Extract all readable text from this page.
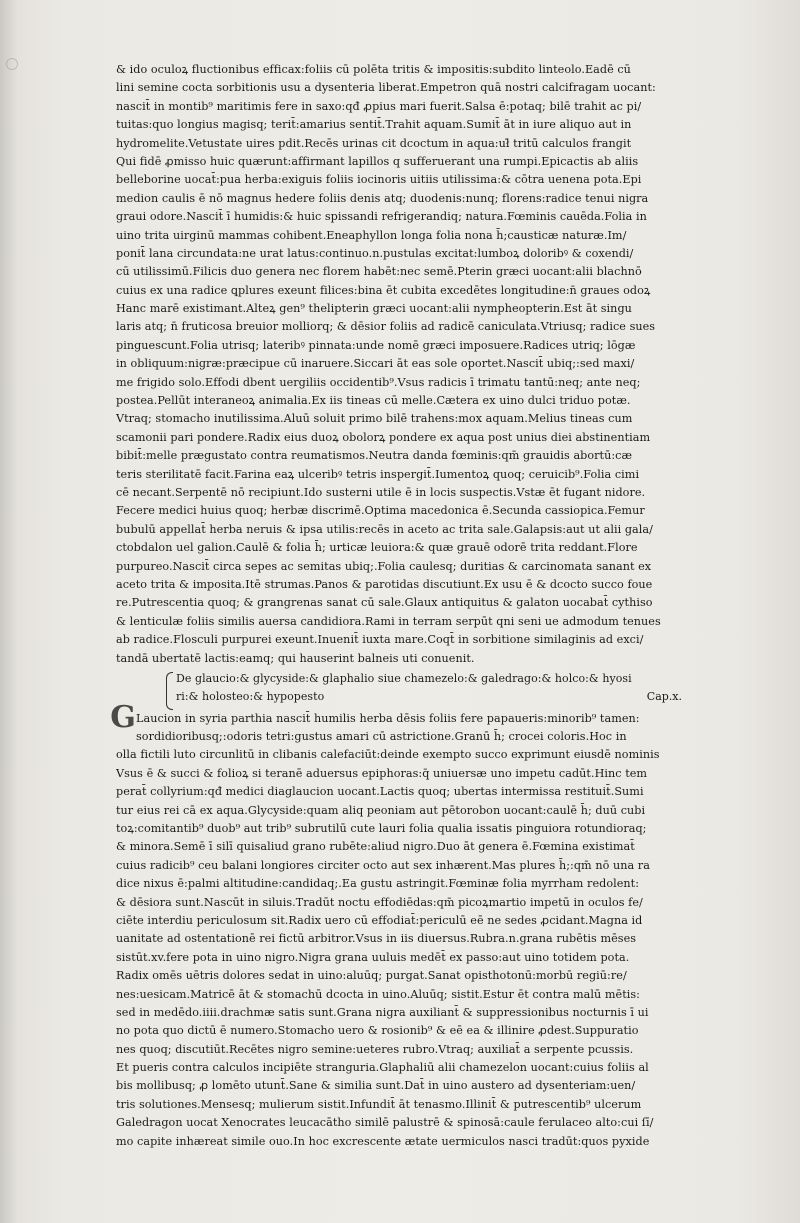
& ido oculoꝝ fluctionibus efficax:foliis cū polēta tritis & impositis:subdito linteolo.Eadē cū
lini semine cocta sorbitionis usu a dysenteria liberat.Empetron quā nostri calcifragam uocant:
nascit̄ in montib⁹ maritimis fere in saxo:qđ ꝓpius mari fuerit.Salsa ē:potaq; bilē trahit ac pi/
tuitas:quo longius magisq; terit̄:amarius sentit̄.Trahit aquam.Sumit̄ āt in iure aliquo aut in
hydromelite.Vetustate uires pdit.Recēs urinas cit dcoctum in aqua:uł̄ tritū calculos frangit
Qui fidē ꝓmisso huic quærunt:affirmant lapillos q sufferuerant una rumpi.Epicactis ab aliis
belleborine uocat̄:pua herba:exiguis foliis iocinoris uitiis utilissima:& cōtra uenena pota.Epi
medion caulis ē nō magnus hedere foliis denis atq; duodenis:nunq; florens:radice tenui nigra
graui odore.Nascit̄ ī humidis:& huic spissandi refrigerandiq; natura.Fœminis cauēda.Folia in
uino trita uirginū mammas cohibent.Eneaphyllon longa folia nona h̄;causticæ naturæ.Im/
ponit̄ lana circundata:ne urat latus:continuo.n.pustulas excitat:lumboꝝ doloribꝰ & coxendi/
cū utilissimū.Filicis duo genera nec florem habēt:nec semē.Pterin græci uocant:alii blachnō
cuius ex una radice ꝗplures exeunt filices:bina ēt cubita excedētes longitudine:n̄ graues odoꝝ
Hanc marē existimant.Alteꝝ gen⁹ thelipterin græci uocant:alii nympheopterin.Est āt singu
laris atq; n̄ fruticosa breuior molliorq; & dēsior foliis ad radicē caniculata.Vtriusq; radice sues
pinguescunt.Folia utrisq; lateribꝰ pinnata:unde nomē græci imposuere.Radices utriq; lōgæ
in obliquum:nigræ:præcipue cū inaruere.Siccari āt eas sole oportet.Nascit̄ ubiq;:sed maxi/
me frigido solo.Effodi dbent uergiliis occidentib⁹.Vsus radicis ī trimatu tantū:neq; ante neq;
postea.Pellūt interaneoꝝ animalia.Ex iis tineas cū melle.Cætera ex uino dulci triduo potæ.
Vtraq; stomacho inutilissima.Aluū soluit primo bilē trahens:mox aquam.Melius tineas cum
scamonii pari pondere.Radix eius duoꝝ obolorꝝ pondere ex aqua post unius diei abstinentiam
bibit̄:melle prægustato contra reumatismos.Neutra danda fœminis:qm̄ grauidis abortū:cæ
teris sterilitatē facit.Farina eaꝝ ulceribꝰ tetris inspergit̄.Iumentoꝝ quoq; ceruicib⁹.Folia cimi
cē necant.Serpentē nō recipiunt.Ido susterni utile ē in locis suspectis.Vstæ ēt fugant nidore.
Fecere medici huius quoq; herbæ discrimē.Optima macedonica ē.Secunda cassiopica.Femur
bubulū appellat̄ herba neruis & ipsa utilis:recēs in aceto ac trita sale.Galapsis:aut ut alii gala/
ctobdalon uel galion.Caulē & folia h̄; urticæ leuiora:& quæ grauē odorē trita reddant.Flore
purpureo.Nascit̄ circa sepes ac semitas ubiq;.Folia caulesq; duritias & carcinomata sanant ex
aceto trita & imposita.Itē strumas.Panos & parotidas discutiunt.Ex usu ē & dcocto succo foue
re.Putrescentia quoq; & grangrenas sanat cū sale.Glaux antiquitus & galaton uocabat̄ cythiso
& lenticulæ foliis similis auersa candidiora.Rami in terram serpūt qni seni ue admodum tenues
ab radice.Flosculi purpurei exeunt.Inuenit̄ iuxta mare.Coqt̄ in sorbitione similaginis ad exci/
tandā ubertatē lactis:eamq; qui hauserint balneis uti conuenit.
De glaucio:& glycyside:& glaphalio siue chamezelo:& galedrago:& holco:& hyosi
ri:& holosteo:& hypopesto	Cap.x.
G Laucion in syria parthia nascit̄ humilis herba dēsis foliis fere papaueris:minorib⁹ tamen:
sordidioribusq;:odoris tetri:gustus amari cū astrictione.Granū h̄; crocei coloris.Hoc in
olla fictili luto circunlitū in clibanis calefaciūt:deinde exempto succo exprimunt eiusdē nominis
Vsus ē & succi & folioꝝ si teranē aduersus epiphoras:q̄ uniuersæ uno impetu cadūt.Hinc tem
perat̄ collyrium:qđ medici diaglaucion uocant.Lactis quoq; ubertas intermissa restituit̄.Sumi
tur eius rei cā ex aqua.Glycyside:quam aliq peoniam aut pētorobon uocant:caulē h̄; duū cubi
toꝝ:comitantib⁹ duob⁹ aut trib⁹ subrutilū cute lauri folia qualia issatis pinguiora rotundioraq;
& minora.Semē ī silī quisaliud grano rubēte:aliud nigro.Duo āt genera ē.Fœmina existimat̄
cuius radicib⁹ ceu balani longiores circiter octo aut sex inhærent.Mas plures h̄;:qm̄ nō una ra
dice nixus ē:palmi altitudine:candidaq;.Ea gustu astringit.Fœminæ folia myrrham redolent:
& dēsiora sunt.Nascūt in siluis.Tradūt noctu effodiēdas:qm̄ picoꝝmartio impetū in oculos fe/
ciēte interdiu periculosum sit.Radix uero cū effodiat̄:periculū eē ne sedes ꝓcidant.Magna id
uanitate ad ostentationē rei fictū arbitror.Vsus in iis diuersus.Rubra.n.grana rubētis mēses
sistūt.xv.fere pota in uino nigro.Nigra grana uuluis medēt̄ ex passo:aut uino totidem pota.
Radix omēs uētris dolores sedat in uino:aluūq; purgat.Sanat opisthotonū:morbū regiū:re/
nes:uesicam.Matricē āt & stomachū dcocta in uino.Aluūq; sistit.Estur ēt contra malū mētis:
sed in medēdo.iiii.drachmæ satis sunt.Grana nigra auxiliant̄ & suppressionibus nocturnis ī ui
no pota quo dictū ē numero.Stomacho uero & rosionib⁹ & eē ea & illinire ꝓdest.Suppuratio
nes quoq; discutiūt.Recētes nigro semine:ueteres rubro.Vtraq; auxiliat̄ a serpente pcussis.
Et pueris contra calculos incipiēte stranguria.Glaphaliū alii chamezelon uocant:cuius foliis al
bis mollibusq; ꝓ lomēto utunt̄.Sane & similia sunt.Dat̄ in uino austero ad dysenteriam:uen/
tris solutiones.Mensesq; mulierum sistit.Infundit̄ āt tenasmo.Illinit̄ & putrescentib⁹ ulcerum
Galedragon uocat Xenocrates leucacātho similē palustrē & spinosā:caule ferulaceo alto:cui ſī/
mo capite inhæreat simile ouo.In hoc excrescente ætate uermiculos nasci tradūt:quos pyxide
